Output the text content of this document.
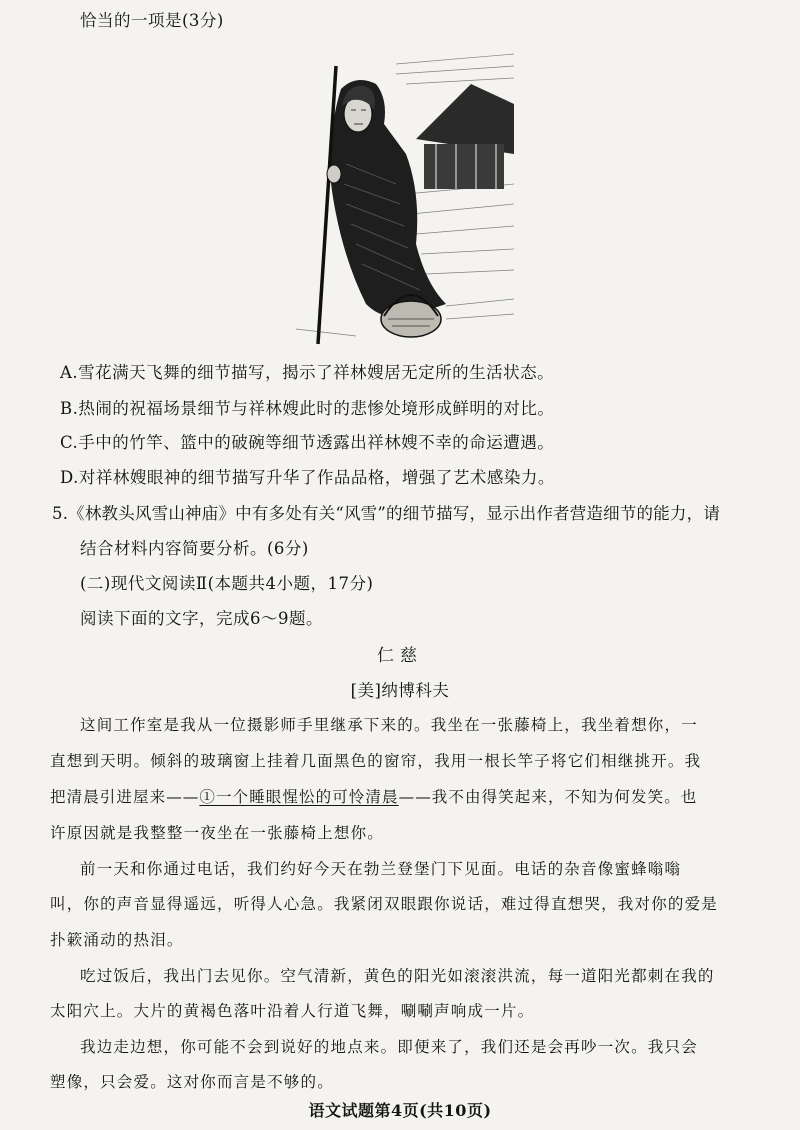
恰当的一项是(3分)
A.雪花满天飞舞的细节描写，揭示了祥林嫂居无定所的生活状态。
B.热闹的祝福场景细节与祥林嫂此时的悲惨处境形成鲜明的对比。
C.手中的竹竿、篮中的破碗等细节透露出祥林嫂不幸的命运遭遇。
D.对祥林嫂眼神的细节描写升华了作品品格，增强了艺术感染力。
5.《林教头风雪山神庙》中有多处有关“风雪”的细节描写，显示出作者营造细节的能力，请
结合材料内容简要分析。(6分)
(二)现代文阅读Ⅱ(本题共4小题，17分)
阅读下面的文字，完成6～9题。
仁慈
[美]纳博科夫
这间工作室是我从一位摄影师手里继承下来的。我坐在一张藤椅上，我坐着想你，一
直想到天明。倾斜的玻璃窗上挂着几面黑色的窗帘，我用一根长竿子将它们相继挑开。我
把清晨引进屋来——①一个睡眼惺忪的可怜清晨——我不由得笑起来，不知为何发笑。也
许原因就是我整整一夜坐在一张藤椅上想你。
前一天和你通过电话，我们约好今天在勃兰登堡门下见面。电话的杂音像蜜蜂嗡嗡
叫，你的声音显得遥远，听得人心急。我紧闭双眼跟你说话，难过得直想哭，我对你的爱是
扑簌涌动的热泪。
吃过饭后，我出门去见你。空气清新，黄色的阳光如滚滚洪流，每一道阳光都刺在我的
太阳穴上。大片的黄褐色落叶沿着人行道飞舞，唰唰声响成一片。
我边走边想，你可能不会到说好的地点来。即便来了，我们还是会再吵一次。我只会
塑像，只会爱。这对你而言是不够的。
语文试题第4页(共10页)
